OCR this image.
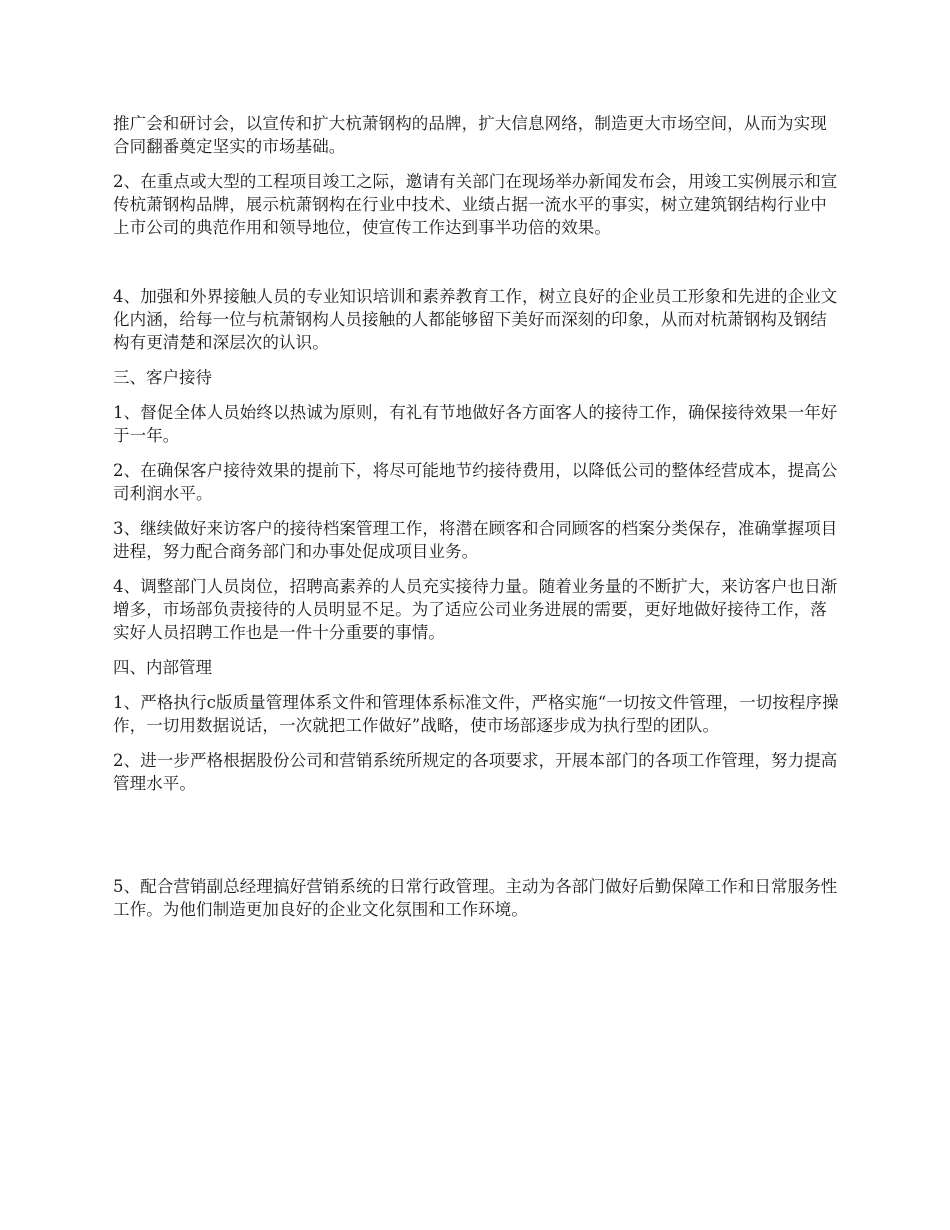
推广会和研讨会，以宣传和扩大杭萧钢构的品牌，扩大信息网络，制造更大市场空间，从而为实现合同翻番奠定坚实的市场基础。

2、在重点或大型的工程项目竣工之际，邀请有关部门在现场举办新闻发布会，用竣工实例展示和宣传杭萧钢构品牌，展示杭萧钢构在行业中技术、业绩占据一流水平的事实，树立建筑钢结构行业中上市公司的典范作用和领导地位，使宣传工作达到事半功倍的效果。

4、加强和外界接触人员的专业知识培训和素养教育工作，树立良好的企业员工形象和先进的企业文化内涵，给每一位与杭萧钢构人员接触的人都能够留下美好而深刻的印象，从而对杭萧钢构及钢结构有更清楚和深层次的认识。

三、客户接待

1、督促全体人员始终以热诚为原则，有礼有节地做好各方面客人的接待工作，确保接待效果一年好于一年。

2、在确保客户接待效果的提前下，将尽可能地节约接待费用，以降低公司的整体经营成本，提高公司利润水平。

3、继续做好来访客户的接待档案管理工作，将潜在顾客和合同顾客的档案分类保存，准确掌握项目进程，努力配合商务部门和办事处促成项目业务。

4、调整部门人员岗位，招聘高素养的人员充实接待力量。随着业务量的不断扩大，来访客户也日渐增多，市场部负责接待的人员明显不足。为了适应公司业务进展的需要，更好地做好接待工作，落实好人员招聘工作也是一件十分重要的事情。

四、内部管理

1、严格执行c版质量管理体系文件和管理体系标准文件，严格实施“一切按文件管理，一切按程序操作，一切用数据说话，一次就把工作做好”战略，使市场部逐步成为执行型的团队。

2、进一步严格根据股份公司和营销系统所规定的各项要求，开展本部门的各项工作管理，努力提高管理水平。

5、配合营销副总经理搞好营销系统的日常行政管理。主动为各部门做好后勤保障工作和日常服务性工作。为他们制造更加良好的企业文化氛围和工作环境。
